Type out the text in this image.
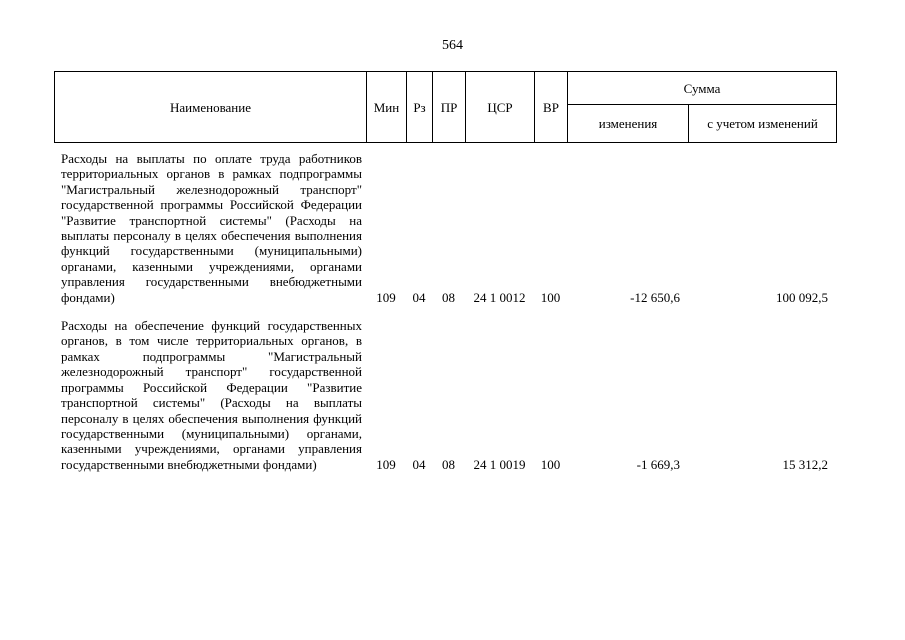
564
Наименование	Мин	Рз	ПР	ЦСР	ВР	Сумма	
						изменения	с учетом изменений
Расходы на выплаты по оплате труда работников территориальных органов в рамках подпрограммы "Магистральный железнодорожный транспорт" государственной программы Российской Федерации "Развитие транспортной системы" (Расходы на выплаты персоналу в целях обеспечения выполнения функций государственными (муниципальными) органами, казенными учреждениями, органами управления государственными внебюджетными фондами)	109	04	08	24 1 0012	100	-12 650,6	100 092,5
Расходы на обеспечение функций государственных органов, в том числе территориальных органов, в рамках подпрограммы "Магистральный железнодорожный транспорт" государственной программы Российской Федерации "Развитие транспортной системы" (Расходы на выплаты персоналу в целях обеспечения выполнения функций государственными (муниципальными) органами, казенными учреждениями, органами управления государственными внебюджетными фондами)	109	04	08	24 1 0019	100	-1 669,3	15 312,2
